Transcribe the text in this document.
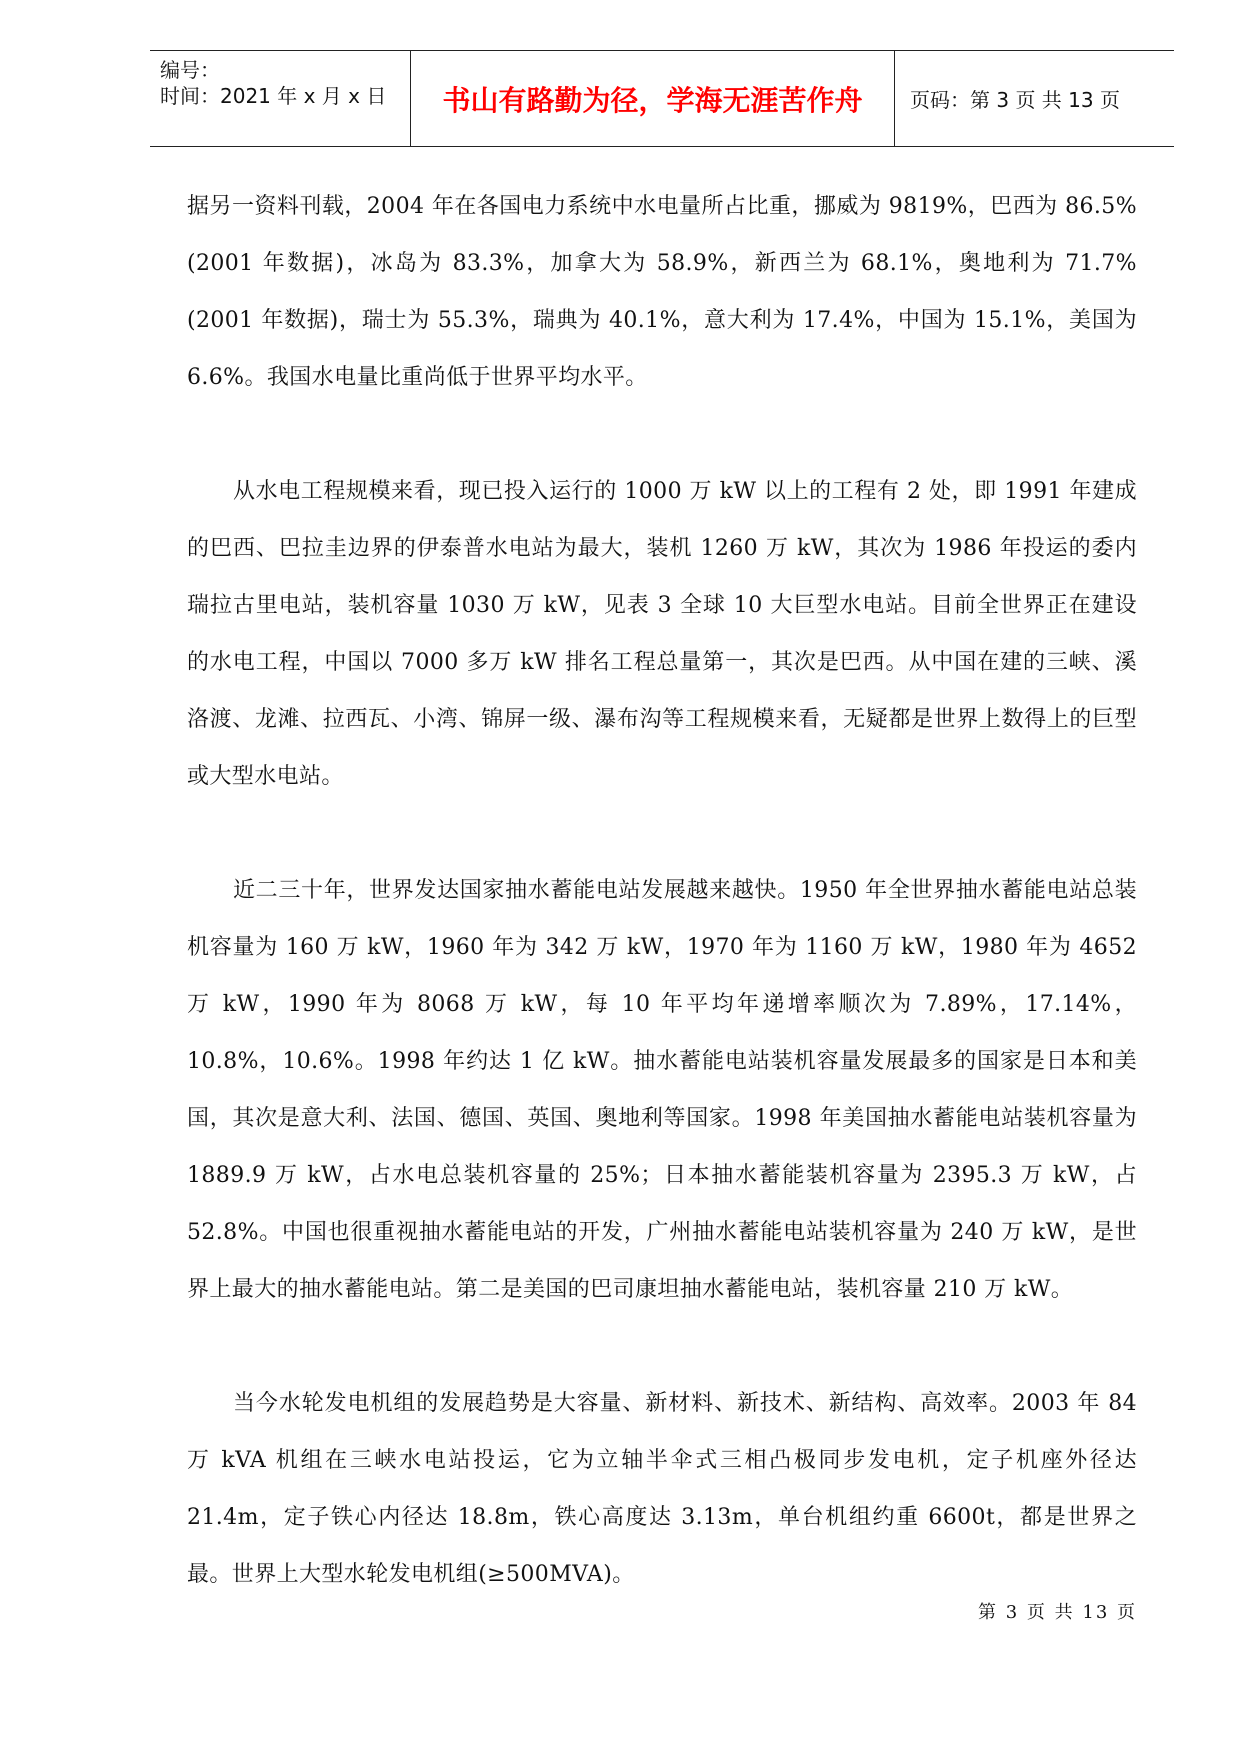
编号：
时间：2021 年 x 月 x 日	书山有路勤为径，学海无涯苦作舟	页码：第 3 页 共 13 页

据另一资料刊载，2004 年在各国电力系统中水电量所占比重，挪威为 9819%，巴西为 86.5%(2001 年数据)，冰岛为 83.3%，加拿大为 58.9%，新西兰为 68.1%，奥地利为 71.7%(2001 年数据)，瑞士为 55.3%，瑞典为 40.1%，意大利为 17.4%，中国为 15.1%，美国为 6.6%。我国水电量比重尚低于世界平均水平。

从水电工程规模来看，现已投入运行的 1000 万 kW 以上的工程有 2 处，即 1991 年建成的巴西、巴拉圭边界的伊泰普水电站为最大，装机 1260 万 kW，其次为 1986 年投运的委内瑞拉古里电站，装机容量 1030 万 kW，见表 3 全球 10 大巨型水电站。目前全世界正在建设的水电工程，中国以 7000 多万 kW 排名工程总量第一，其次是巴西。从中国在建的三峡、溪洛渡、龙滩、拉西瓦、小湾、锦屏一级、瀑布沟等工程规模来看，无疑都是世界上数得上的巨型或大型水电站。

近二三十年，世界发达国家抽水蓄能电站发展越来越快。1950 年全世界抽水蓄能电站总装机容量为 160 万 kW，1960 年为 342 万 kW，1970 年为 1160 万 kW，1980 年为 4652 万 kW，1990 年为 8068 万 kW，每 10 年平均年递增率顺次为 7.89%，17.14%，10.8%，10.6%。1998 年约达 1 亿 kW。抽水蓄能电站装机容量发展最多的国家是日本和美国，其次是意大利、法国、德国、英国、奥地利等国家。1998 年美国抽水蓄能电站装机容量为 1889.9 万 kW，占水电总装机容量的 25%；日本抽水蓄能装机容量为 2395.3 万 kW，占 52.8%。中国也很重视抽水蓄能电站的开发，广州抽水蓄能电站装机容量为 240 万 kW，是世界上最大的抽水蓄能电站。第二是美国的巴司康坦抽水蓄能电站，装机容量 210 万 kW。

当今水轮发电机组的发展趋势是大容量、新材料、新技术、新结构、高效率。2003 年 84 万 kVA 机组在三峡水电站投运，它为立轴半伞式三相凸极同步发电机，定子机座外径达 21.4m，定子铁心内径达 18.8m，铁心高度达 3.13m，单台机组约重 6600t，都是世界之最。世界上大型水轮发电机组(≥500MVA)。

第 3 页 共 13 页
